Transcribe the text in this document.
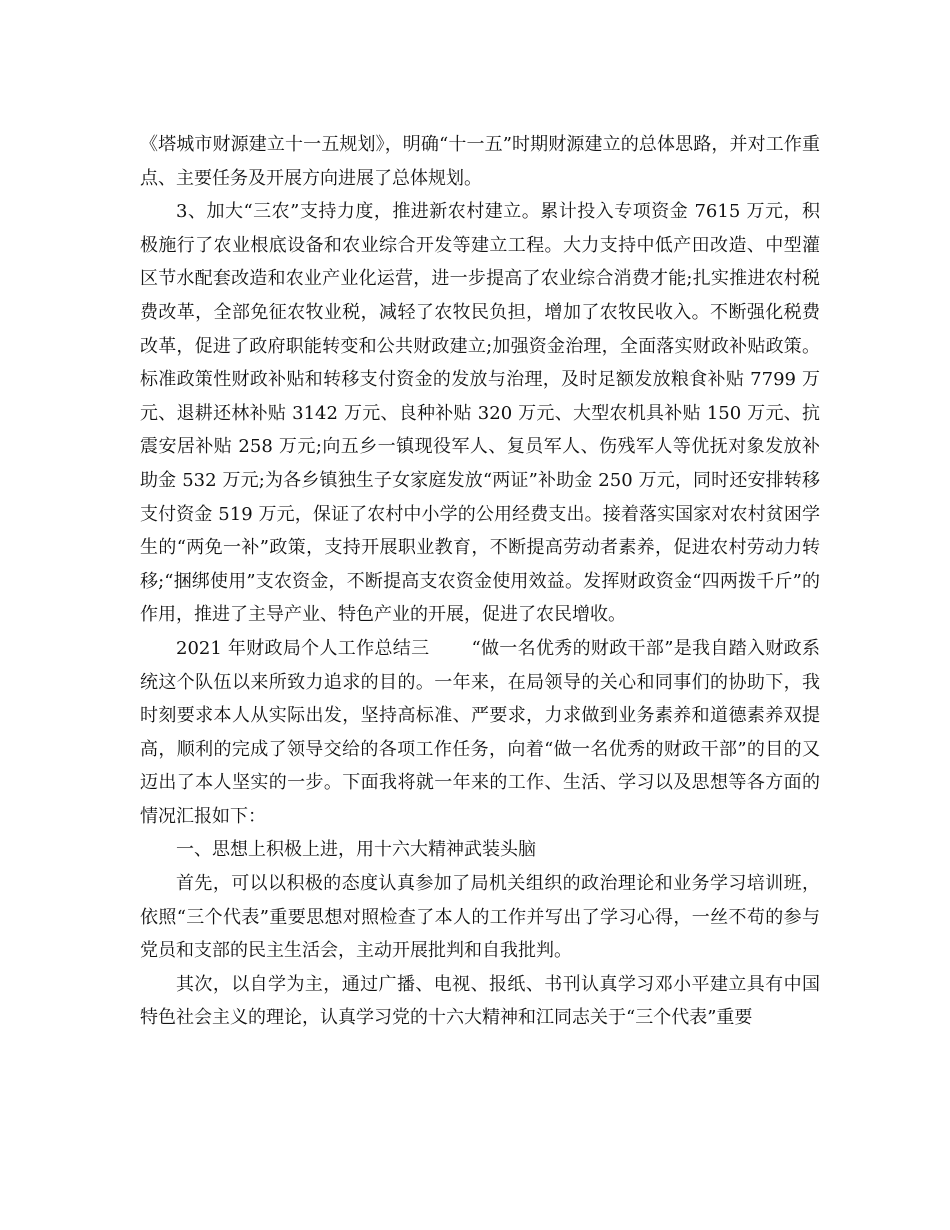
《塔城市财源建立十一五规划》，明确“十一五”时期财源建立的总体思路，并对工作重点、主要任务及开展方向进展了总体规划。

3、加大“三农”支持力度，推进新农村建立。累计投入专项资金 7615 万元，积极施行了农业根底设备和农业综合开发等建立工程。大力支持中低产田改造、中型灌区节水配套改造和农业产业化运营，进一步提高了农业综合消费才能;扎实推进农村税费改革，全部免征农牧业税，减轻了农牧民负担，增加了农牧民收入。不断强化税费改革，促进了政府职能转变和公共财政建立;加强资金治理，全面落实财政补贴政策。标准政策性财政补贴和转移支付资金的发放与治理，及时足额发放粮食补贴 7799 万元、退耕还林补贴 3142 万元、良种补贴 320 万元、大型农机具补贴 150 万元、抗震安居补贴 258 万元;向五乡一镇现役军人、复员军人、伤残军人等优抚对象发放补助金 532 万元;为各乡镇独生子女家庭发放“两证”补助金 250 万元，同时还安排转移支付资金 519 万元，保证了农村中小学的公用经费支出。接着落实国家对农村贫困学生的“两免一补”政策，支持开展职业教育，不断提高劳动者素养，促进农村劳动力转移;“捆绑使用”支农资金，不断提高支农资金使用效益。发挥财政资金“四两拨千斤”的作用，推进了主导产业、特色产业的开展，促进了农民增收。

2021 年财政局个人工作总结三 “做一名优秀的财政干部”是我自踏入财政系统这个队伍以来所致力追求的目的。一年来，在局领导的关心和同事们的协助下，我时刻要求本人从实际出发，坚持高标准、严要求，力求做到业务素养和道德素养双提高，顺利的完成了领导交给的各项工作任务，向着“做一名优秀的财政干部”的目的又迈出了本人坚实的一步。下面我将就一年来的工作、生活、学习以及思想等各方面的情况汇报如下：

一、思想上积极上进，用十六大精神武装头脑

首先，可以以积极的态度认真参加了局机关组织的政治理论和业务学习培训班，依照“三个代表”重要思想对照检查了本人的工作并写出了学习心得，一丝不苟的参与党员和支部的民主生活会，主动开展批判和自我批判。

其次，以自学为主，通过广播、电视、报纸、书刊认真学习邓小平建立具有中国特色社会主义的理论，认真学习党的十六大精神和江同志关于“三个代表”重要
